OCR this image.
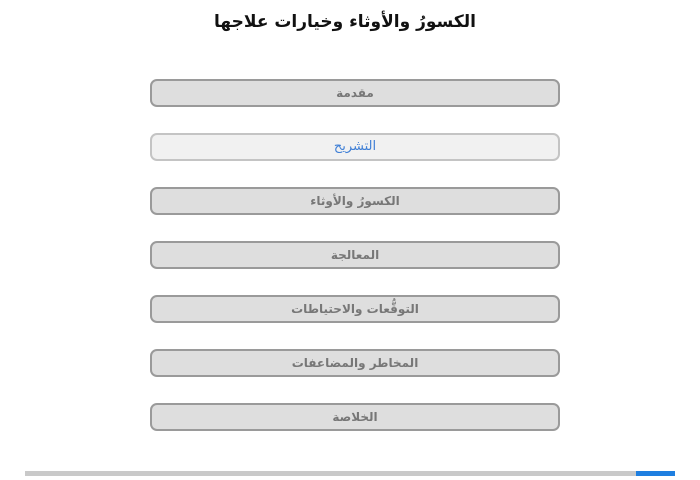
الكسورُ والأوثاء وخيارات علاجها
مقدمة
التشريح
الكسورُ والأوثاء
المعالجة
التوقُّعات والاحتياطات
المخاطر والمضاعفات
الخلاصة
